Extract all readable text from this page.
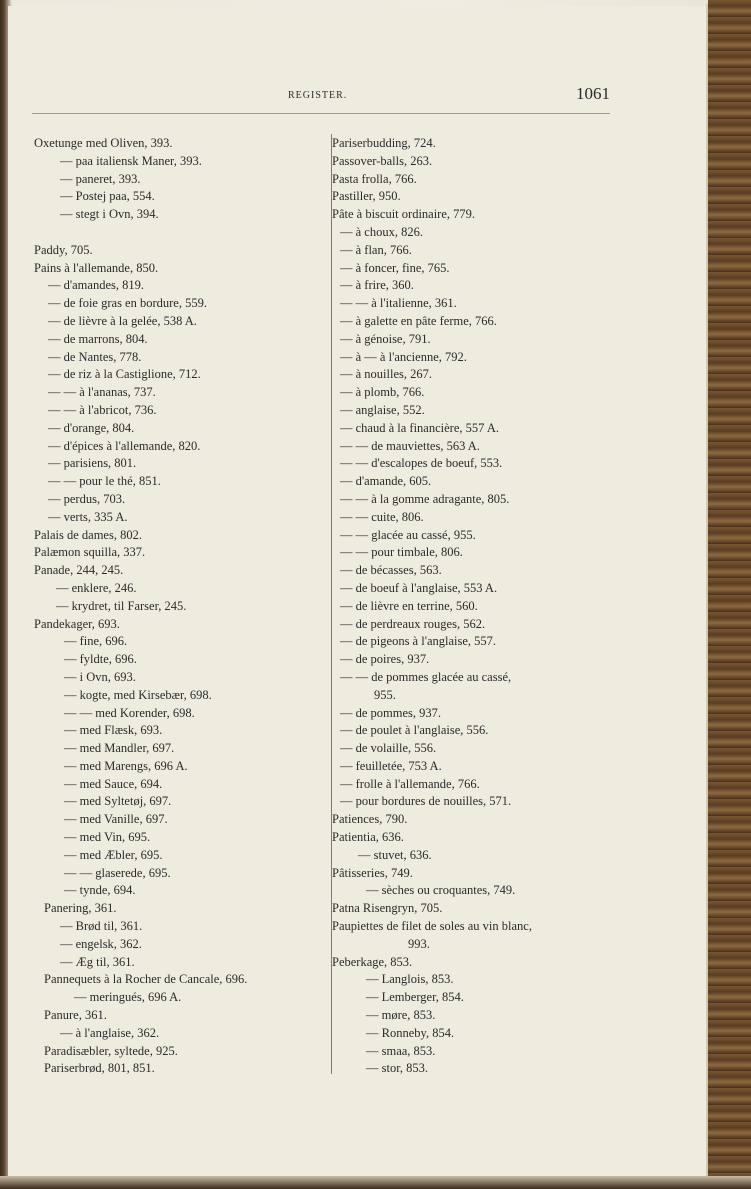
REGISTER.	1061
Oxetunge med Oliven, 393.
— paa italiensk Maner, 393.
— paneret, 393.
— Postej paa, 554.
— stegt i Ovn, 394.
Paddy, 705.
Pains à l'allemande, 850.
— d'amandes, 819.
— de foie gras en bordure, 559.
— de lièvre à la gelée, 538 A.
— de marrons, 804.
— de Nantes, 778.
— de riz à la Castiglione, 712.
— — à l'ananas, 737.
— — à l'abricot, 736.
— d'orange, 804.
— d'épices à l'allemande, 820.
— parisiens, 801.
— — pour le thé, 851.
— perdus, 703.
— verts, 335 A.
Palais de dames, 802.
Palæmon squilla, 337.
Panade, 244, 245.
— enklere, 246.
— krydret, til Farser, 245.
Pandekager, 693.
— fine, 696.
— fyldte, 696.
— i Ovn, 693.
— kogte, med Kirsebær, 698.
— — med Korender, 698.
— med Flæsk, 693.
— med Mandler, 697.
— med Marengs, 696 A.
— med Sauce, 694.
— med Syltetøj, 697.
— med Vanille, 697.
— med Vin, 695.
— med Æbler, 695.
— — glaserede, 695.
— tynde, 694.
Panering, 361.
— Brød til, 361.
— engelsk, 362.
— Æg til, 361.
Pannequets à la Rocher de Cancale, 696.
— meringués, 696 A.
Panure, 361.
— à l'anglaise, 362.
Paradisæbler, syltede, 925.
Pariserbrød, 801, 851.
Pariserbudding, 724.
Passover-balls, 263.
Pasta frolla, 766.
Pastiller, 950.
Pâte à biscuit ordinaire, 779.
— à choux, 826.
— à flan, 766.
— à foncer, fine, 765.
— à frire, 360.
— — à l'italienne, 361.
— à galette en pâte ferme, 766.
— à génoise, 791.
— à — à l'ancienne, 792.
— à nouilles, 267.
— à plomb, 766.
— anglaise, 552.
— chaud à la financière, 557 A.
— — de mauviettes, 563 A.
— — d'escalopes de boeuf, 553.
— d'amande, 605.
— — à la gomme adragante, 805.
— — cuite, 806.
— — glacée au cassé, 955.
— — pour timbale, 806.
— de bécasses, 563.
— de boeuf à l'anglaise, 553 A.
— de lièvre en terrine, 560.
— de perdreaux rouges, 562.
— de pigeons à l'anglaise, 557.
— de poires, 937.
— — de pommes glacée au cassé,
955.
— de pommes, 937.
— de poulet à l'anglaise, 556.
— de volaille, 556.
— feuilletée, 753 A.
— frolle à l'allemande, 766.
— pour bordures de nouilles, 571.
Patiences, 790.
Patientia, 636.
— stuvet, 636.
Pâtisseries, 749.
— sèches ou croquantes, 749.
Patna Risengryn, 705.
Paupiettes de filet de soles au vin blanc,
993.
Peberkage, 853.
— Langlois, 853.
— Lemberger, 854.
— møre, 853.
— Ronneby, 854.
— smaa, 853.
— stor, 853.
